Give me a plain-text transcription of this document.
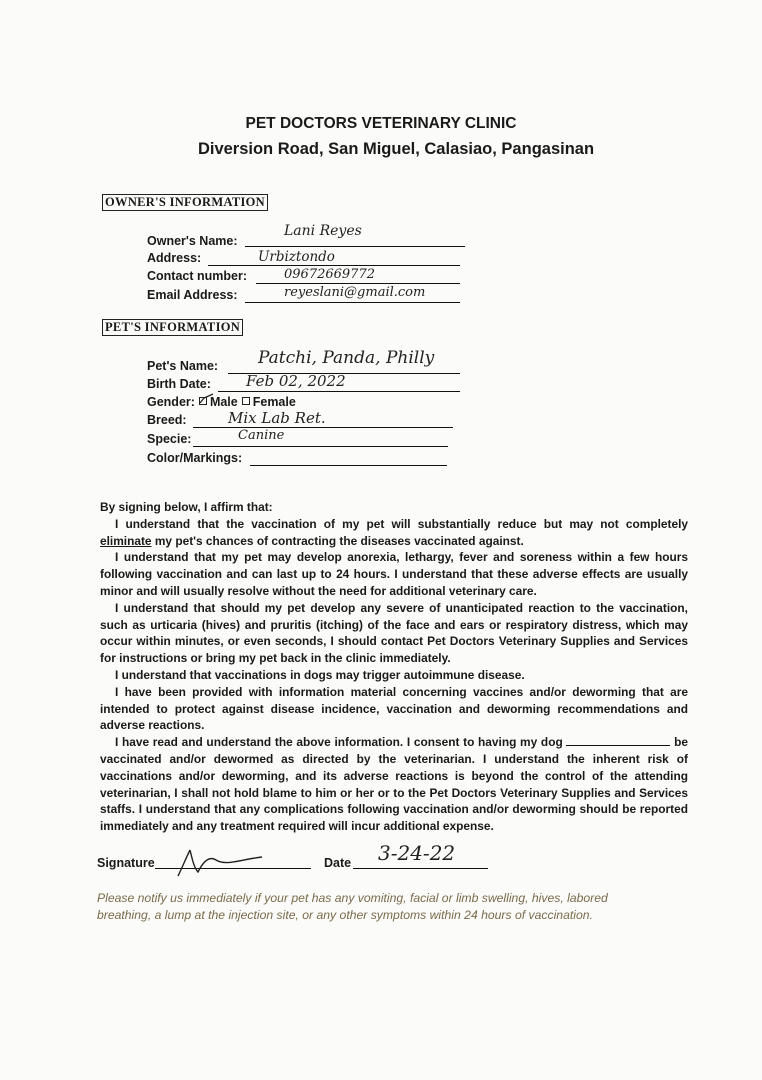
PET DOCTORS VETERINARY CLINIC
Diversion Road, San Miguel, Calasiao, Pangasinan
OWNER'S INFORMATION
Owner's Name:
Lani Reyes
Address:	Urbiztondo
Contact number:	09672669772
Email Address:	reyeslani@gmail.com
PET'S INFORMATION
Pet's Name: Patchi, Panda, Philly
Birth Date: Feb 02, 2022
Gender: Male Female
Breed:	Mix Lab Ret.
Specie:	Canine
Color/Markings:

By signing below, I affirm that:

I understand that the vaccination of my pet will substantially reduce but may not completely eliminate my pet's chances of contracting the diseases vaccinated against.

I understand that my pet may develop anorexia, lethargy, fever and soreness within a few hours following vaccination and can last up to 24 hours. I understand that these adverse effects are usually minor and will usually resolve without the need for additional veterinary care.

I understand that should my pet develop any severe of unanticipated reaction to the vaccination, such as urticaria (hives) and pruritis (itching) of the face and ears or respiratory distress, which may occur within minutes, or even seconds, I should contact Pet Doctors Veterinary Supplies and Services for instructions or bring my pet back in the clinic immediately.

I understand that vaccinations in dogs may trigger autoimmune disease.

I have been provided with information material concerning vaccines and/or deworming that are intended to protect against disease incidence, vaccination and deworming recommendations and adverse reactions.

I have read and understand the above information. I consent to having my dog	be vaccinated and/or dewormed as directed by the veterinarian. I understand the inherent risk of vaccinations and/or deworming, and its adverse reactions is beyond the control of the attending veterinarian, I shall not hold blame to him or her or to the Pet Doctors Veterinary Supplies and Services staffs. I understand that any complications following vaccination and/or deworming should be reported immediately and any treatment required will incur additional expense.

Signature	Date 3-24-22
Please notify us immediately if your pet has any vomiting, facial or limb swelling, hives, labored breathing, a lump at the injection site, or any other symptoms within 24 hours of vaccination.
